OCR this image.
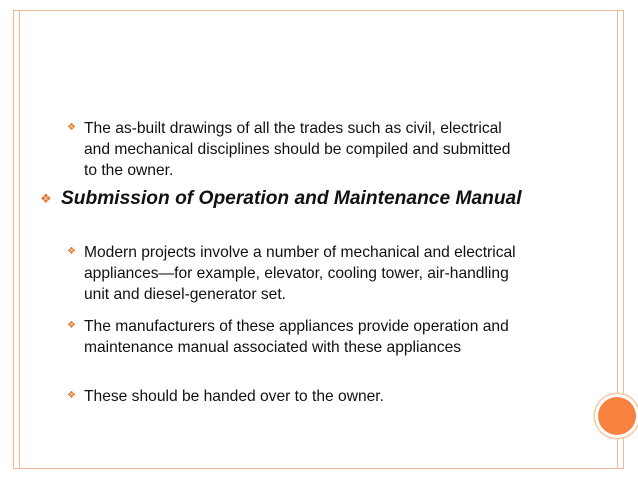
❖ The as-built drawings of all the trades such as civil, electrical and mechanical disciplines should be compiled and submitted to the owner.
❖ Submission of Operation and Maintenance Manual
❖ Modern projects involve a number of mechanical and electrical appliances—for example, elevator, cooling tower, air-handling unit and diesel-generator set.
❖ The manufacturers of these appliances provide operation and maintenance manual associated with these appliances
❖ These should be handed over to the owner.
